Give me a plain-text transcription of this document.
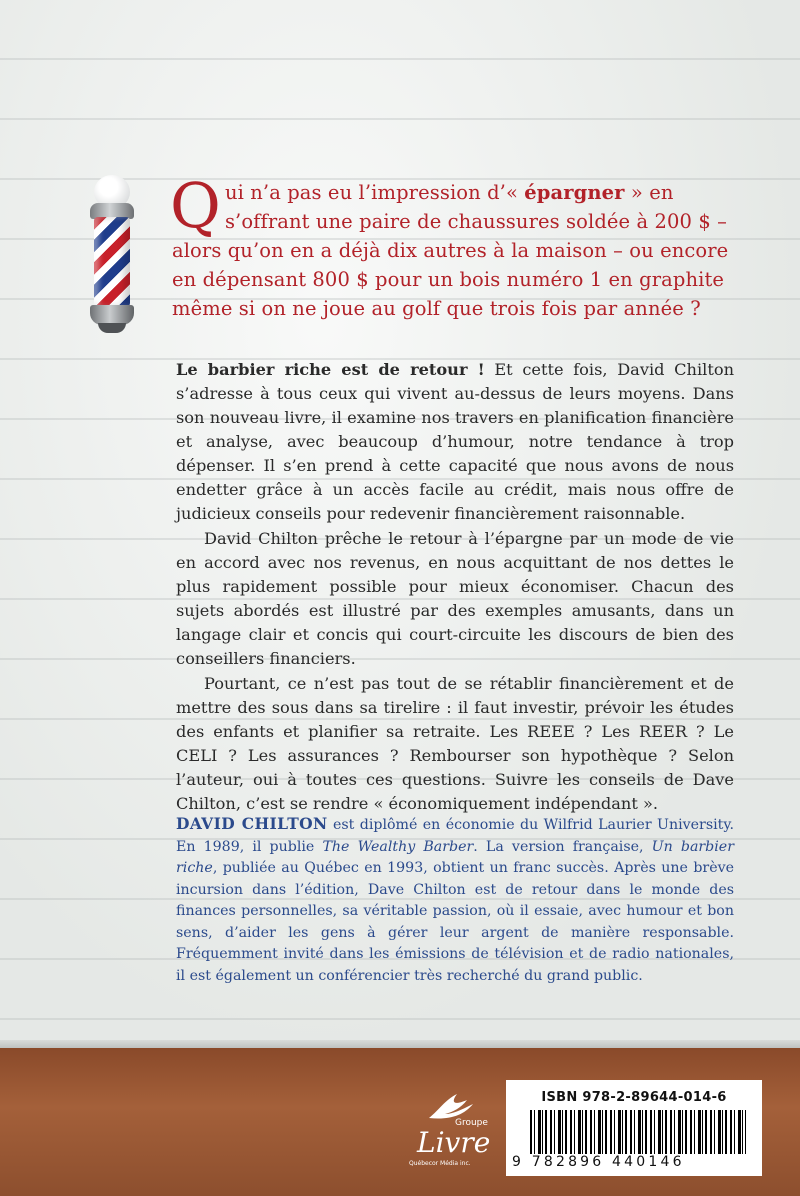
Q ui n’a pas eu l’impression d’« épargner » en s’offrant une paire de chaussures soldée à 200 $ – alors qu’on en a déjà dix autres à la maison – ou encore en dépensant 800 $ pour un bois numéro 1 en graphite même si on ne joue au golf que trois fois par année ?

Le barbier riche est de retour ! Et cette fois, David Chilton s’adresse à tous ceux qui vivent au-dessus de leurs moyens. Dans son nouveau livre, il examine nos travers en planification financière et analyse, avec beaucoup d’humour, notre tendance à trop dépenser. Il s’en prend à cette capacité que nous avons de nous endetter grâce à un accès facile au crédit, mais nous offre de judicieux conseils pour redevenir financièrement raisonnable.

David Chilton prêche le retour à l’épargne par un mode de vie en accord avec nos revenus, en nous acquittant de nos dettes le plus rapidement possible pour mieux économiser. Chacun des sujets abordés est illustré par des exemples amusants, dans un langage clair et concis qui court-circuite les discours de bien des conseillers financiers.

Pourtant, ce n’est pas tout de se rétablir financièrement et de mettre des sous dans sa tirelire : il faut investir, prévoir les études des enfants et planifier sa retraite. Les REEE ? Les REER ? Le CELI ? Les assurances ? Rembourser son hypothèque ? Selon l’auteur, oui à toutes ces questions. Suivre les conseils de Dave Chilton, c’est se rendre « économiquement indépendant ».

DAVID CHILTON est diplômé en économie du Wilfrid Laurier University. En 1989, il publie The Wealthy Barber. La version française, Un barbier riche, publiée au Québec en 1993, obtient un franc succès. Après une brève incursion dans l’édition, Dave Chilton est de retour dans le monde des finances personnelles, sa véritable passion, où il essaie, avec humour et bon sens, d’aider les gens à gérer leur argent de manière responsable. Fréquemment invité dans les émissions de télévision et de radio nationales, il est également un conférencier très recherché du grand public.

Groupe
Livre
Québecor Média inc.
ISBN 978-2-89644-014-6
9 782896 440146
